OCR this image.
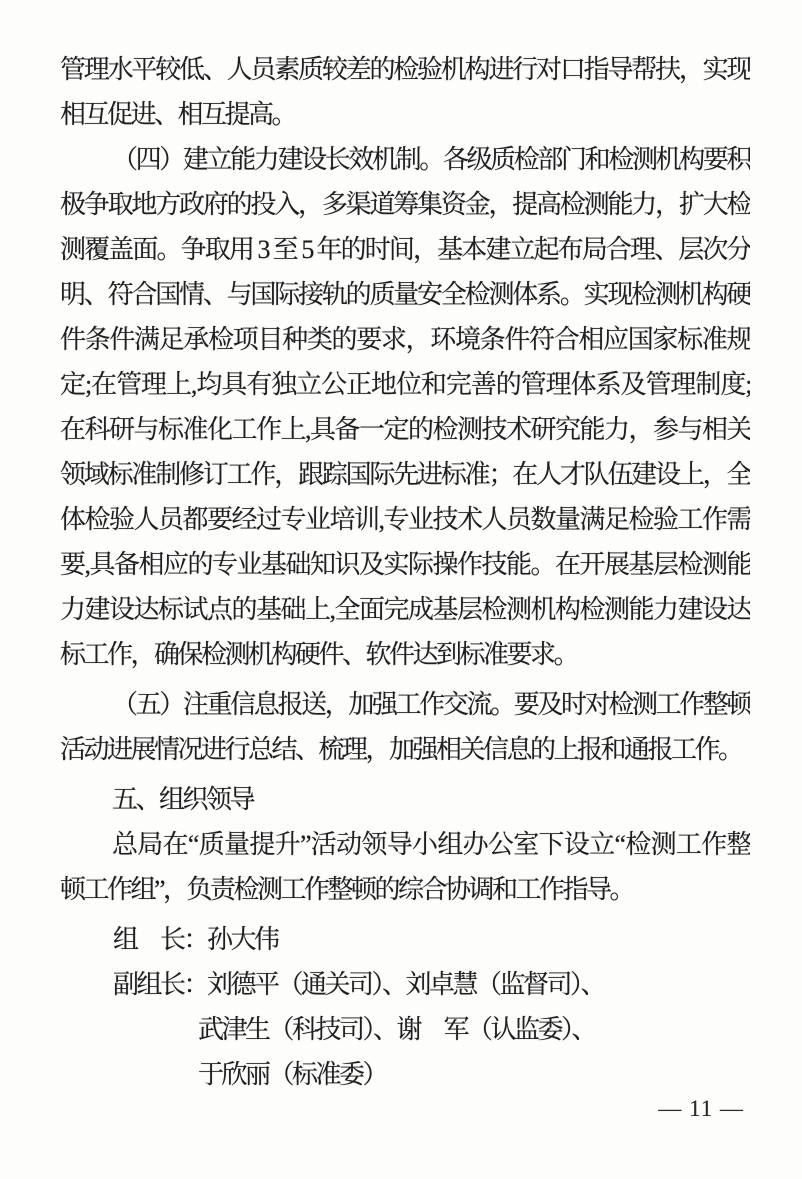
管理水平较低、人员素质较差的检验机构进行对口指导帮扶，实现
相互促进、相互提高。
（四）建立能力建设长效机制。各级质检部门和检测机构要积
极争取地方政府的投入，多渠道筹集资金，提高检测能力，扩大检
测覆盖面。争取用 3 至 5 年的时间，基本建立起布局合理、层次分
明、符合国情、与国际接轨的质量安全检测体系。实现检测机构硬
件条件满足承检项目种类的要求，环境条件符合相应国家标准规
定;在管理上,均具有独立公正地位和完善的管理体系及管理制度;
在科研与标准化工作上,具备一定的检测技术研究能力，参与相关
领域标准制修订工作，跟踪国际先进标准；在人才队伍建设上，全
体检验人员都要经过专业培训,专业技术人员数量满足检验工作需
要,具备相应的专业基础知识及实际操作技能。在开展基层检测能
力建设达标试点的基础上,全面完成基层检测机构检测能力建设达
标工作，确保检测机构硬件、软件达到标准要求。
（五）注重信息报送，加强工作交流。要及时对检测工作整顿
活动进展情况进行总结、梳理，加强相关信息的上报和通报工作。
五、组织领导
总局在“质量提升”活动领导小组办公室下设立“检测工作整
顿工作组”，负责检测工作整顿的综合协调和工作指导。
组　长：孙大伟
副组长：刘德平（通关司）、刘卓慧（监督司）、
武津生（科技司）、谢　军（认监委）、
于欣丽（标准委）
— 11 —
